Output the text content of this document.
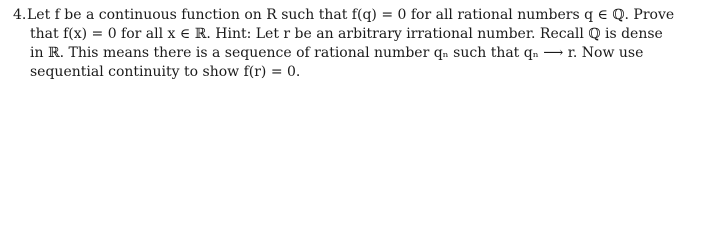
4.Let f be a continuous function on R such that f(q) = 0 for all rational numbers q ∈ ℚ. Prove
that f(x) = 0 for all x ∈ ℝ. Hint: Let r be an arbitrary irrational number. Recall ℚ is dense
in ℝ. This means there is a sequence of rational number qₙ such that qₙ ⟶ r. Now use
sequential continuity to show f(r) = 0.
